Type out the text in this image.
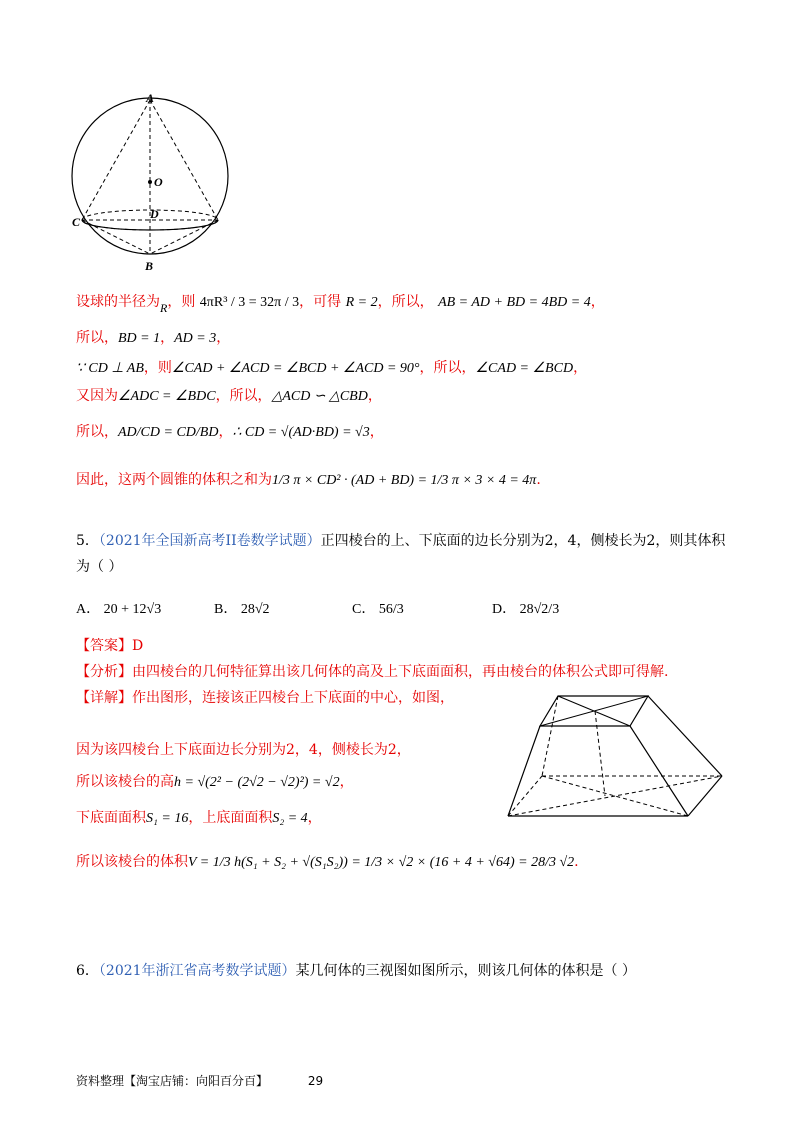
A
O
D
C
B
设球的半径为R，则 4πR³ / 3 = 32π / 3，可得 R = 2，所以， AB = AD + BD = 4BD = 4，
所以，BD = 1，AD = 3，
∵ CD ⊥ AB，则∠CAD + ∠ACD = ∠BCD + ∠ACD = 90°，所以，∠CAD = ∠BCD，
又因为∠ADC = ∠BDC，所以，△ACD ∽ △CBD，
所以，AD/CD = CD/BD，∴ CD = √(AD·BD) = √3，
因此，这两个圆锥的体积之和为1/3 π × CD² · (AD + BD) = 1/3 π × 3 × 4 = 4π.
5．（2021年全国新高考II卷数学试题）正四棱台的上、下底面的边长分别为2，4，侧棱长为2，则其体积
为（ ）
A． 20 + 12√3	B． 28√2	C． 56/3	D． 28√2/3
【答案】D
【分析】由四棱台的几何特征算出该几何体的高及上下底面面积，再由棱台的体积公式即可得解.
【详解】作出图形，连接该正四棱台上下底面的中心，如图，
因为该四棱台上下底面边长分别为2，4，侧棱长为2，
所以该棱台的高h = √(2² − (2√2 − √2)²) = √2，
下底面面积S₁ = 16，上底面面积S₂ = 4，
所以该棱台的体积V = 1/3 h(S₁ + S₂ + √(S₁S₂)) = 1/3 × √2 × (16 + 4 + √64) = 28/3 √2.
6．（2021年浙江省高考数学试题）某几何体的三视图如图所示，则该几何体的体积是（ ）
资料整理【淘宝店铺：向阳百分百】	29
